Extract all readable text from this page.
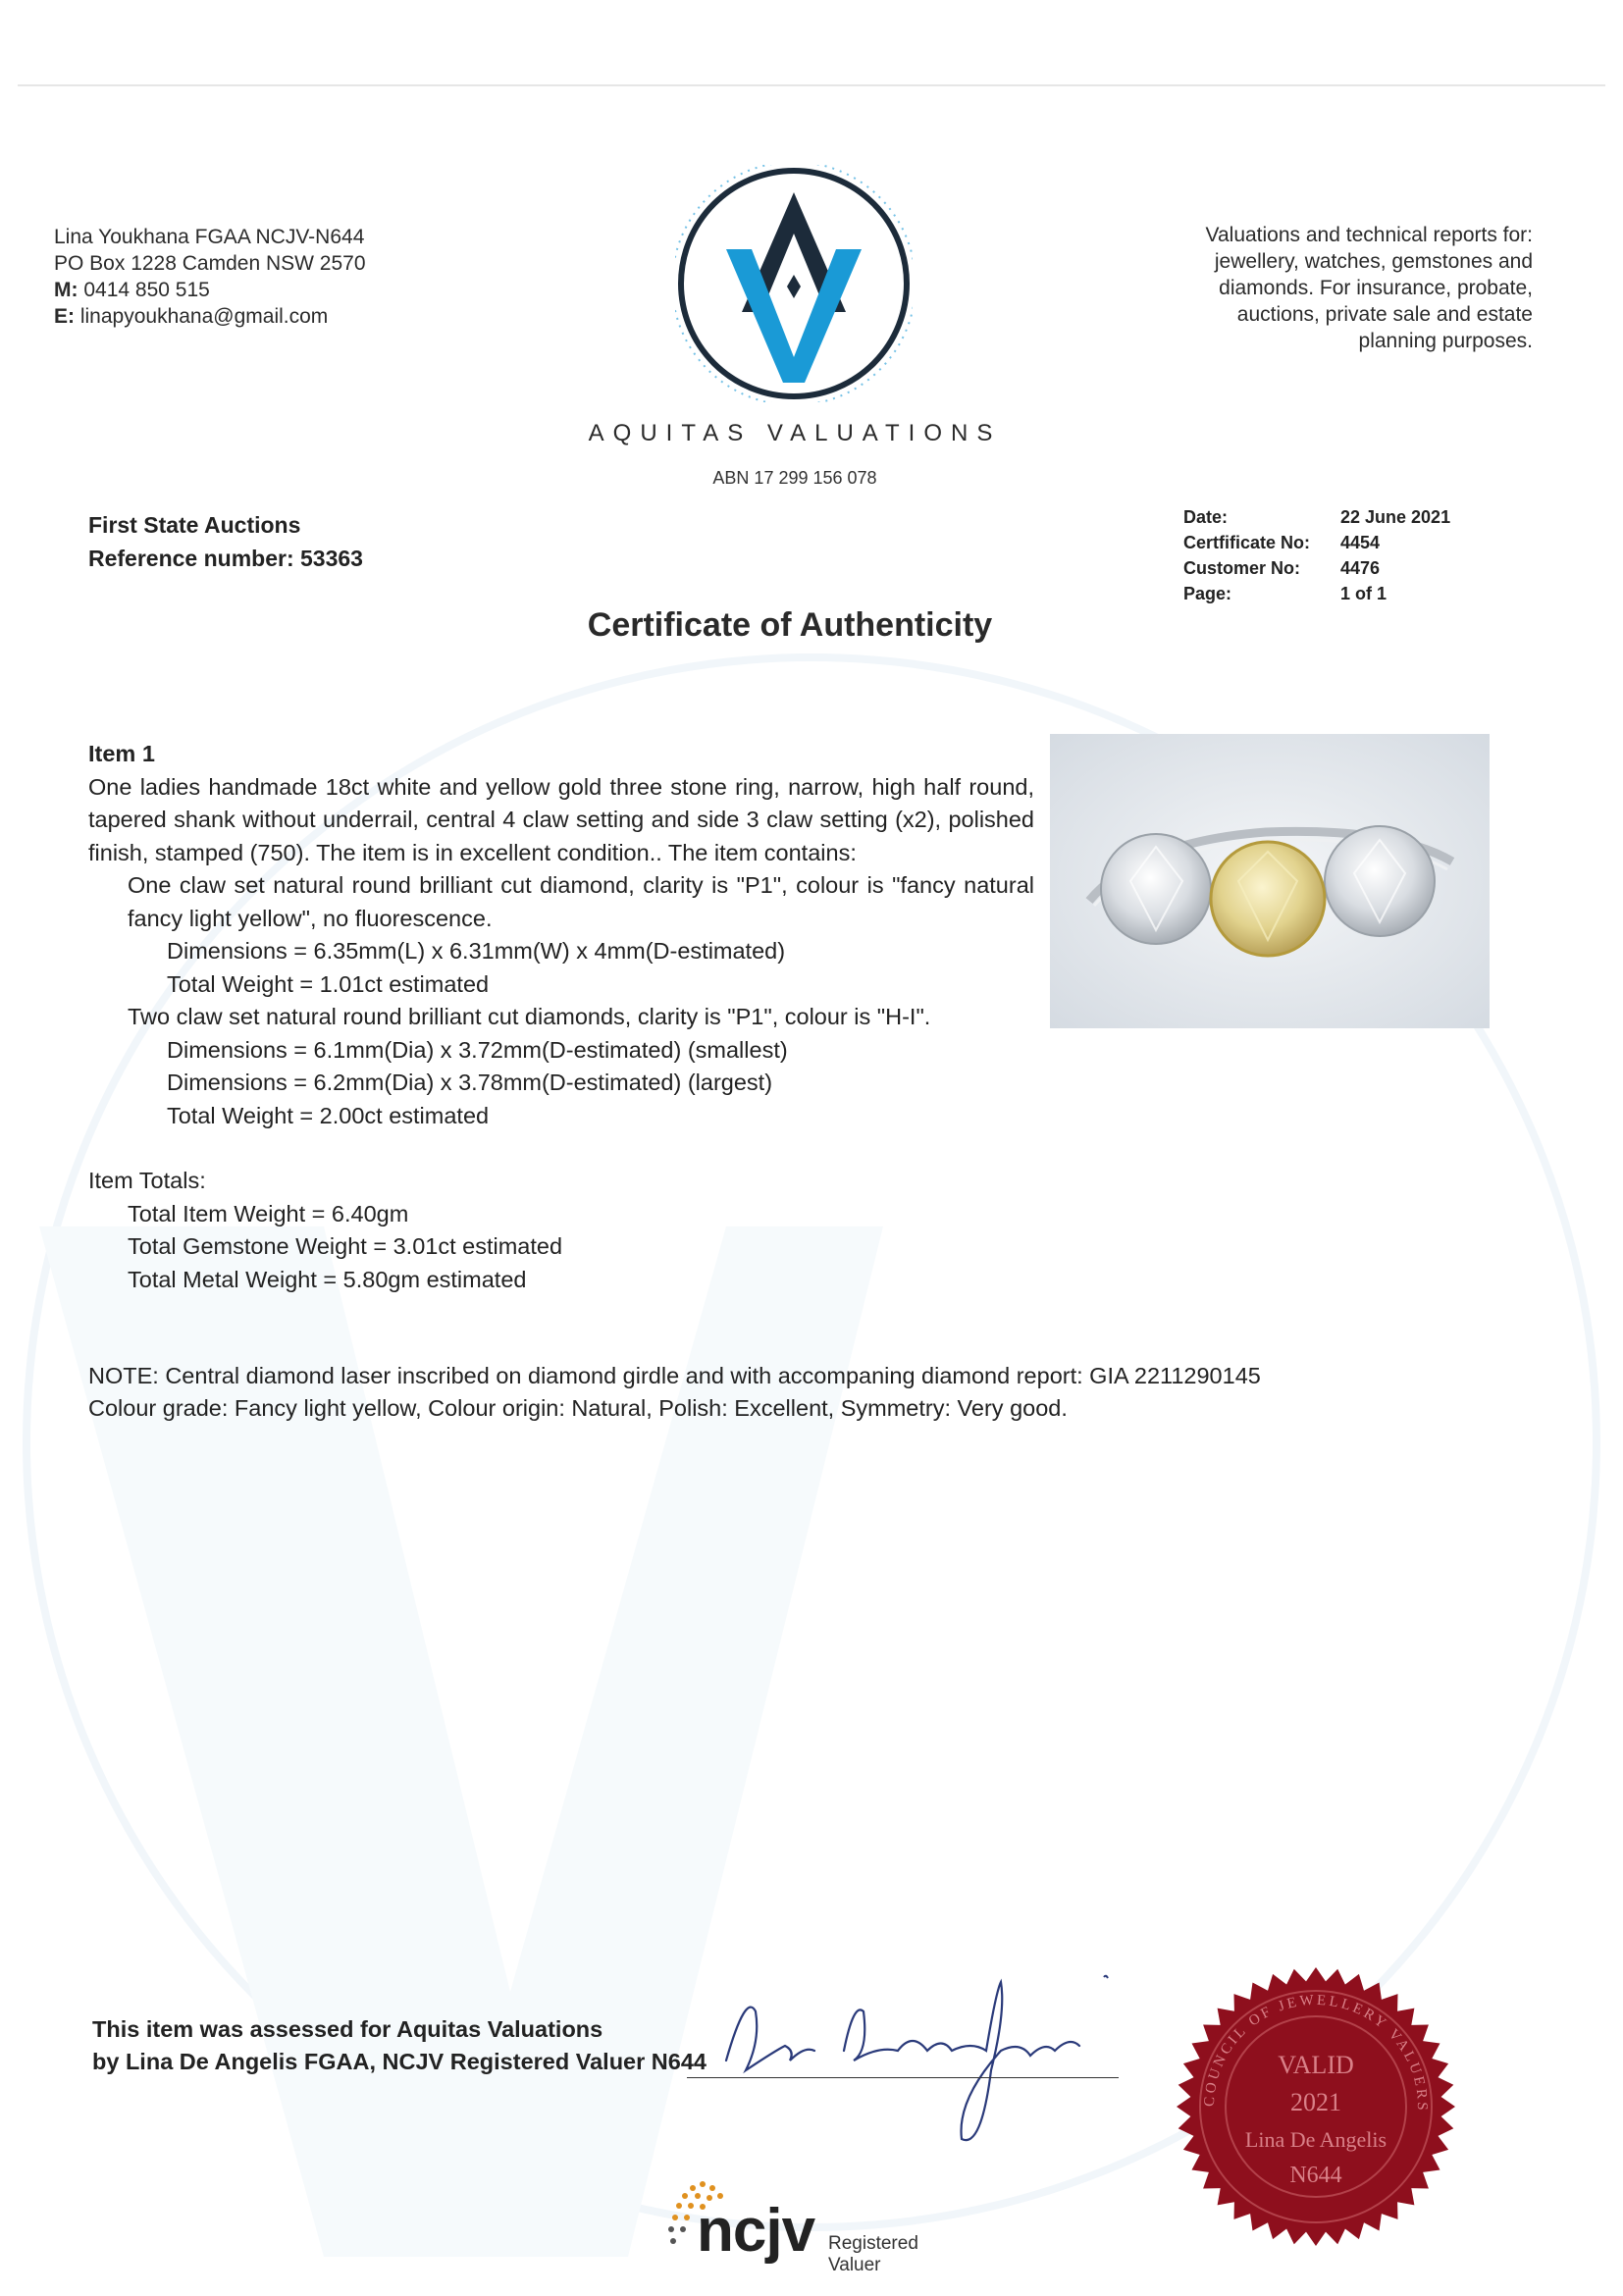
Lina Youkhana FGAA NCJV-N644
PO Box 1228 Camden NSW 2570
M: 0414 850 515
E: linapyoukhana@gmail.com
Valuations and technical reports for:
jewellery, watches, gemstones and
diamonds. For insurance, probate,
auctions, private sale and estate
planning purposes.
AQUITAS VALUATIONS
ABN 17 299 156 078
First State Auctions
Reference number: 53363
Date:	22 June 2021
Certfificate No:	4454
Customer No:	4476
Page:	1 of 1
Certificate of Authenticity
Item 1
One ladies handmade 18ct white and yellow gold three stone ring, narrow, high half round, tapered shank without underrail, central 4 claw setting and side 3 claw setting (x2), polished finish, stamped (750). The item is in excellent condition.. The item contains:
One claw set natural round brilliant cut diamond, clarity is "P1", colour is "fancy natural fancy light yellow", no fluorescence.
Dimensions = 6.35mm(L) x 6.31mm(W) x 4mm(D-estimated)
Total Weight = 1.01ct estimated
Two claw set natural round brilliant cut diamonds, clarity is "P1", colour is "H-I".
Dimensions = 6.1mm(Dia) x 3.72mm(D-estimated) (smallest)
Dimensions = 6.2mm(Dia) x 3.78mm(D-estimated) (largest)
Total Weight = 2.00ct estimated
Item Totals:
Total Item Weight = 6.40gm
Total Gemstone Weight = 3.01ct estimated
Total Metal Weight = 5.80gm estimated
NOTE: Central diamond laser inscribed on diamond girdle and with accompaning diamond report: GIA 2211290145
Colour grade: Fancy light yellow, Colour origin: Natural, Polish: Excellent, Symmetry: Very good.
This item was assessed for Aquitas Valuations
by Lina De Angelis FGAA, NCJV Registered Valuer N644
ncjv Registered
Valuer
COUNCIL OF JEWELLERY VALUERS
VALID
2021
Lina De Angelis
N644
